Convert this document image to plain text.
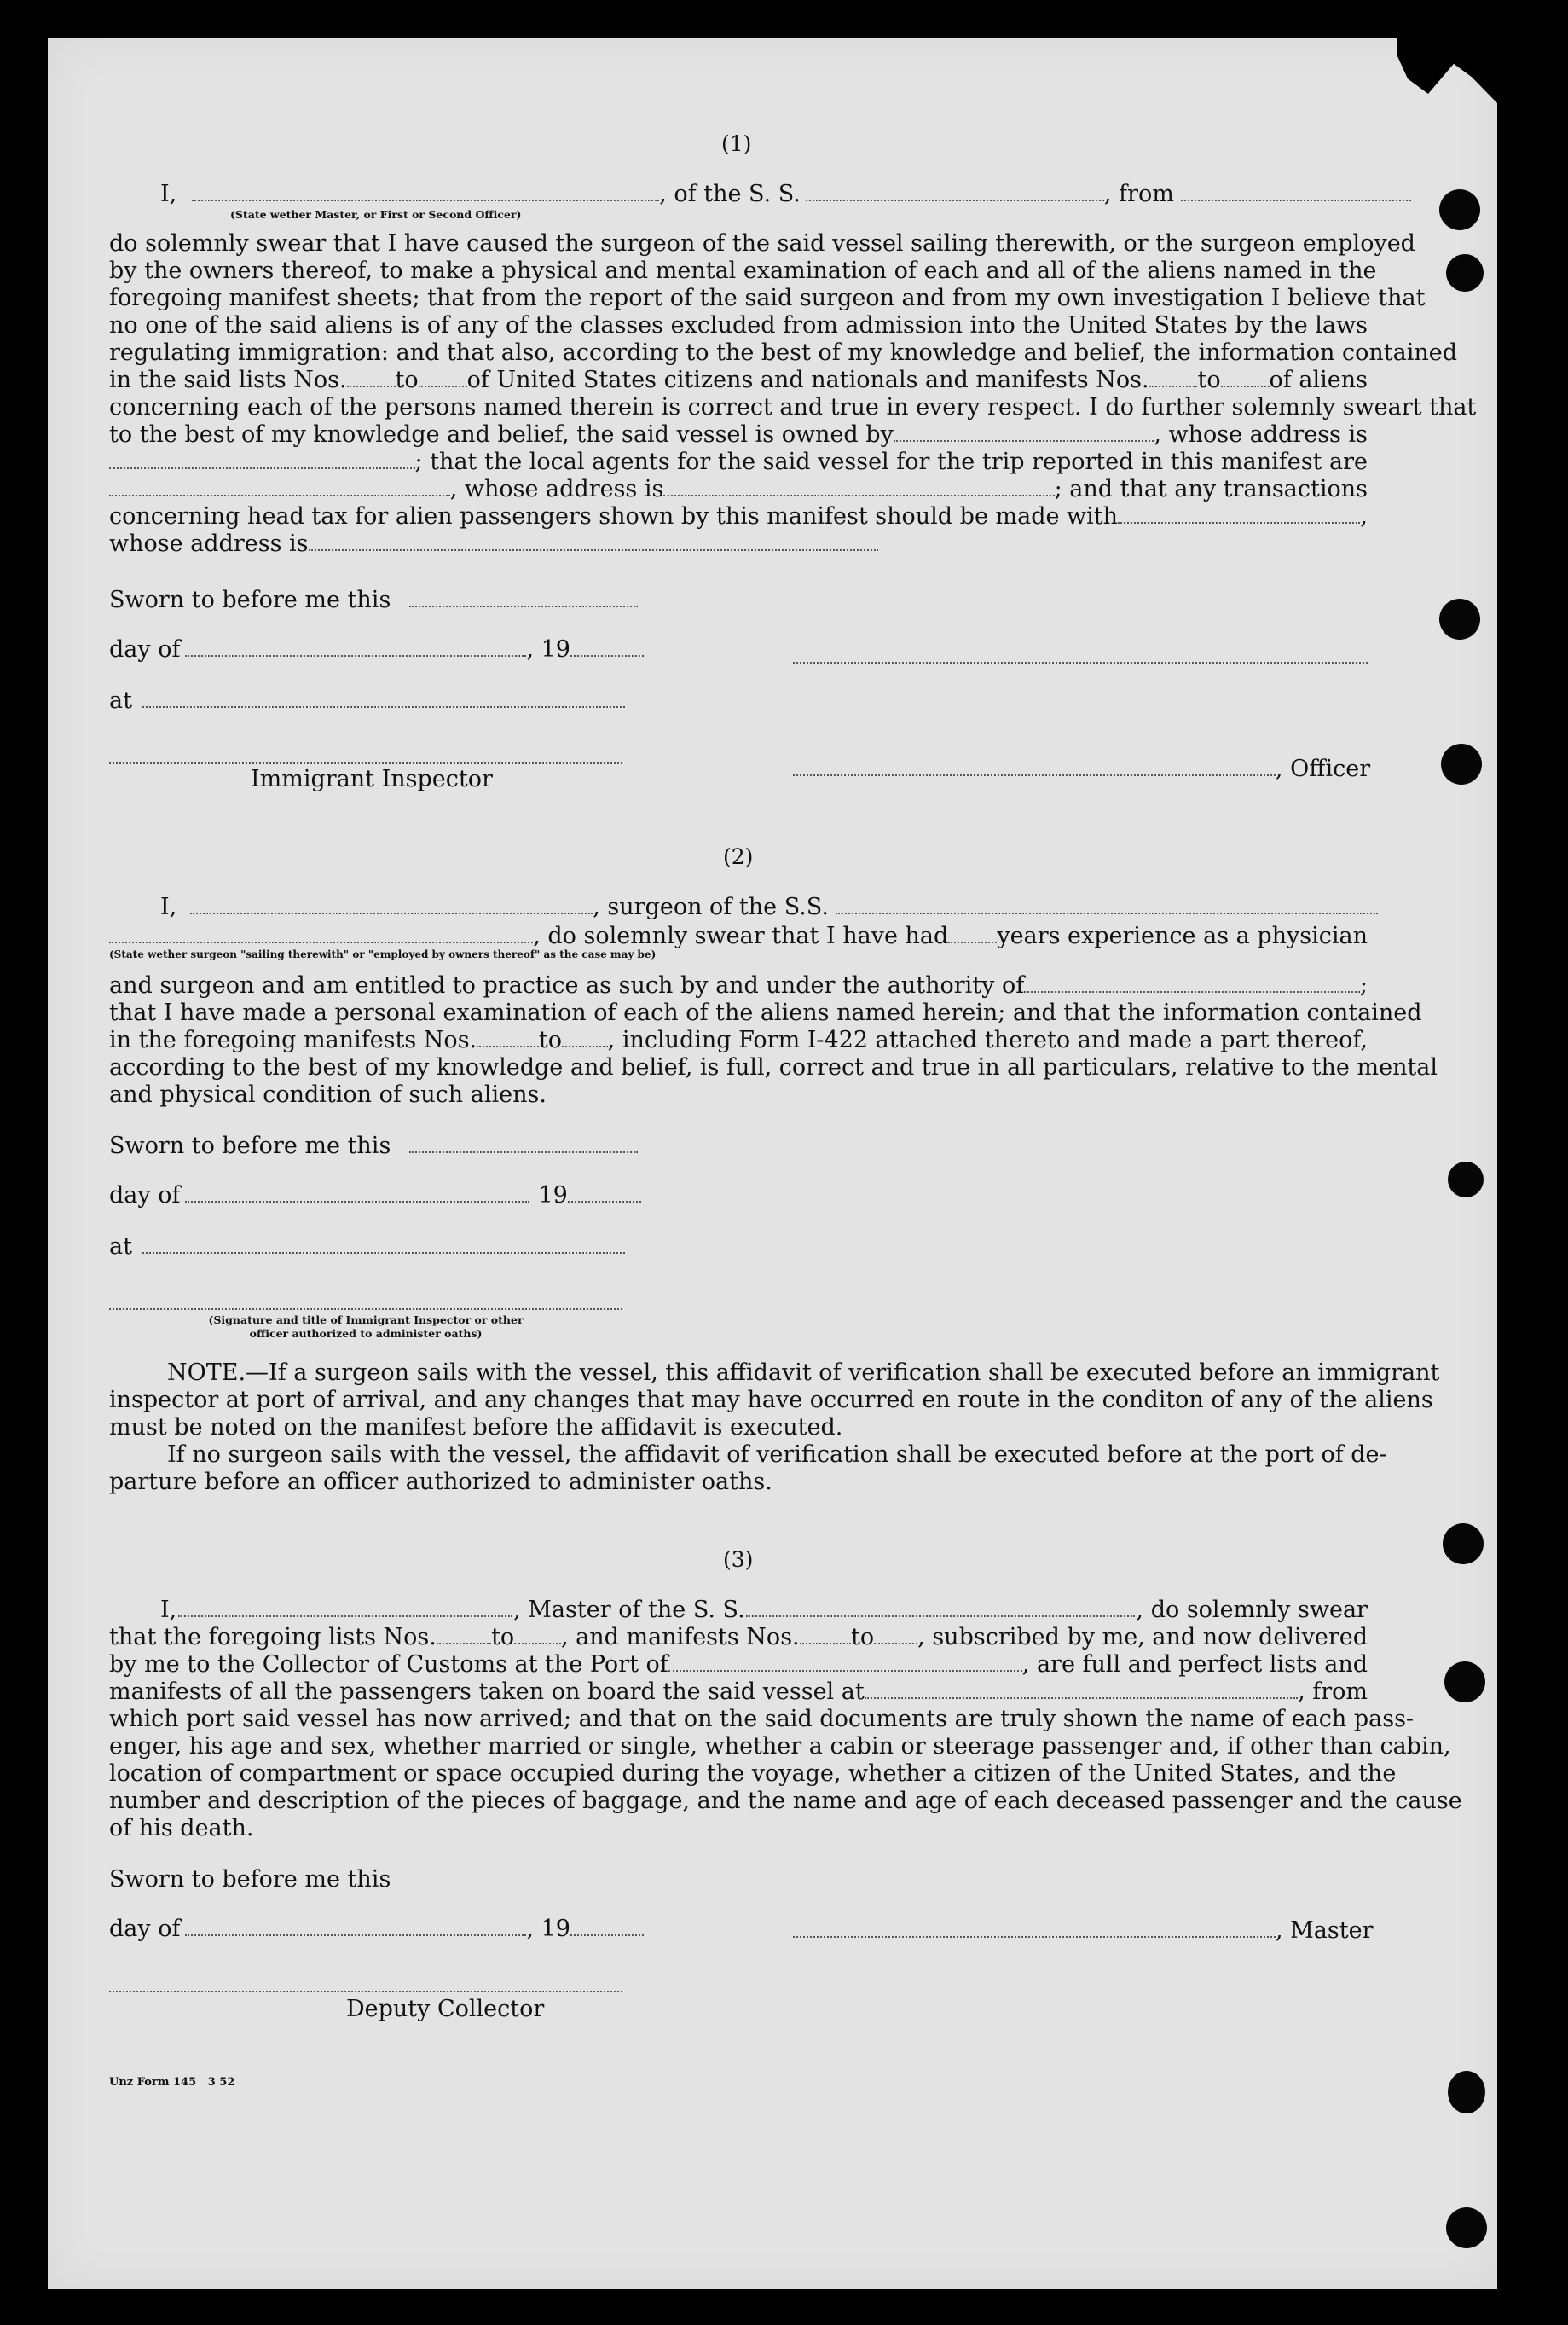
(1)
I,	, of the S. S.	, from
(State wether Master, or First or Second Officer)
do solemnly swear that I have caused the surgeon of the said vessel sailing therewith, or the surgeon employed
by the owners thereof, to make a physical and mental examination of each and all of the aliens named in the
foregoing manifest sheets; that from the report of the said surgeon and from my own investigation I believe that
no one of the said aliens is of any of the classes excluded from admission into the United States by the laws
regulating immigration: and that also, according to the best of my knowledge and belief, the information contained
in the said lists Nos. to of United States citizens and nationals and manifests Nos. to of aliens
concerning each of the persons named therein is correct and true in every respect. I do further solemnly sweart that
to the best of my knowledge and belief, the said vessel is owned by	, whose address is
; that the local agents for the said vessel for the trip reported in this manifest are
, whose address is	; and that any transactions
concerning head tax for alien passengers shown by this manifest should be made with	,
whose address is
Sworn to before me this
day of	, 19
at
Immigrant Inspector	, Officer
(2)
I,	, surgeon of the S.S.
, do solemnly swear that I have had years experience as a physician
(State wether surgeon "sailing therewith" or "employed by owners thereof" as the case may be)
and surgeon and am entitled to practice as such by and under the authority of	;
that I have made a personal examination of each of the aliens named herein; and that the information contained
in the foregoing manifests Nos.	to , including Form I-422 attached thereto and made a part thereof,
according to the best of my knowledge and belief, is full, correct and true in all particulars, relative to the mental
and physical condition of such aliens.
Sworn to before me this
day of	19
at
(Signature and title of Immigrant Inspector or other
officer authorized to administer oaths)
NOTE.—If a surgeon sails with the vessel, this affidavit of verification shall be executed before an immigrant
inspector at port of arrival, and any changes that may have occurred en route in the conditon of any of the aliens
must be noted on the manifest before the affidavit is executed.
If no surgeon sails with the vessel, the affidavit of verification shall be executed before at the port of de-
parture before an officer authorized to administer oaths.
(3)
I,	, Master of the S. S.	, do solemnly swear
that the foregoing lists Nos. to , and manifests Nos. to , subscribed by me, and now delivered
by me to the Collector of Customs at the Port of	, are full and perfect lists and
manifests of all the passengers taken on board the said vessel at	, from
which port said vessel has now arrived; and that on the said documents are truly shown the name of each pass-
enger, his age and sex, whether married or single, whether a cabin or steerage passenger and, if other than cabin,
location of compartment or space occupied during the voyage, whether a citizen of the United States, and the
number and description of the pieces of baggage, and the name and age of each deceased passenger and the cause
of his death.
Sworn to before me this
day of	, 19	, Master
Deputy Collector
Unz Form 145   3 52
